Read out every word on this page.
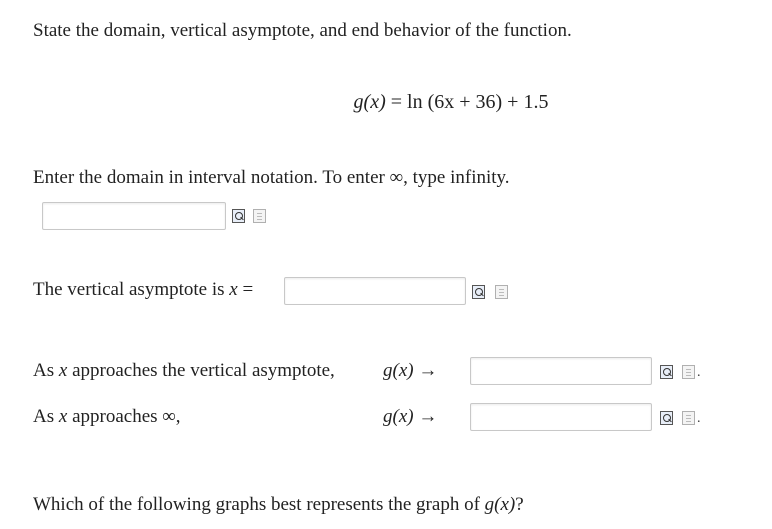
State the domain, vertical asymptote, and end behavior of the function.
g(x) = ln (6x + 36) + 1.5
Enter the domain in interval notation. To enter ∞, type infinity.
The vertical asymptote is x =
As x approaches the vertical asymptote,	g(x) →	.
As x approaches ∞,	g(x) →	.
Which of the following graphs best represents the graph of g(x)?
